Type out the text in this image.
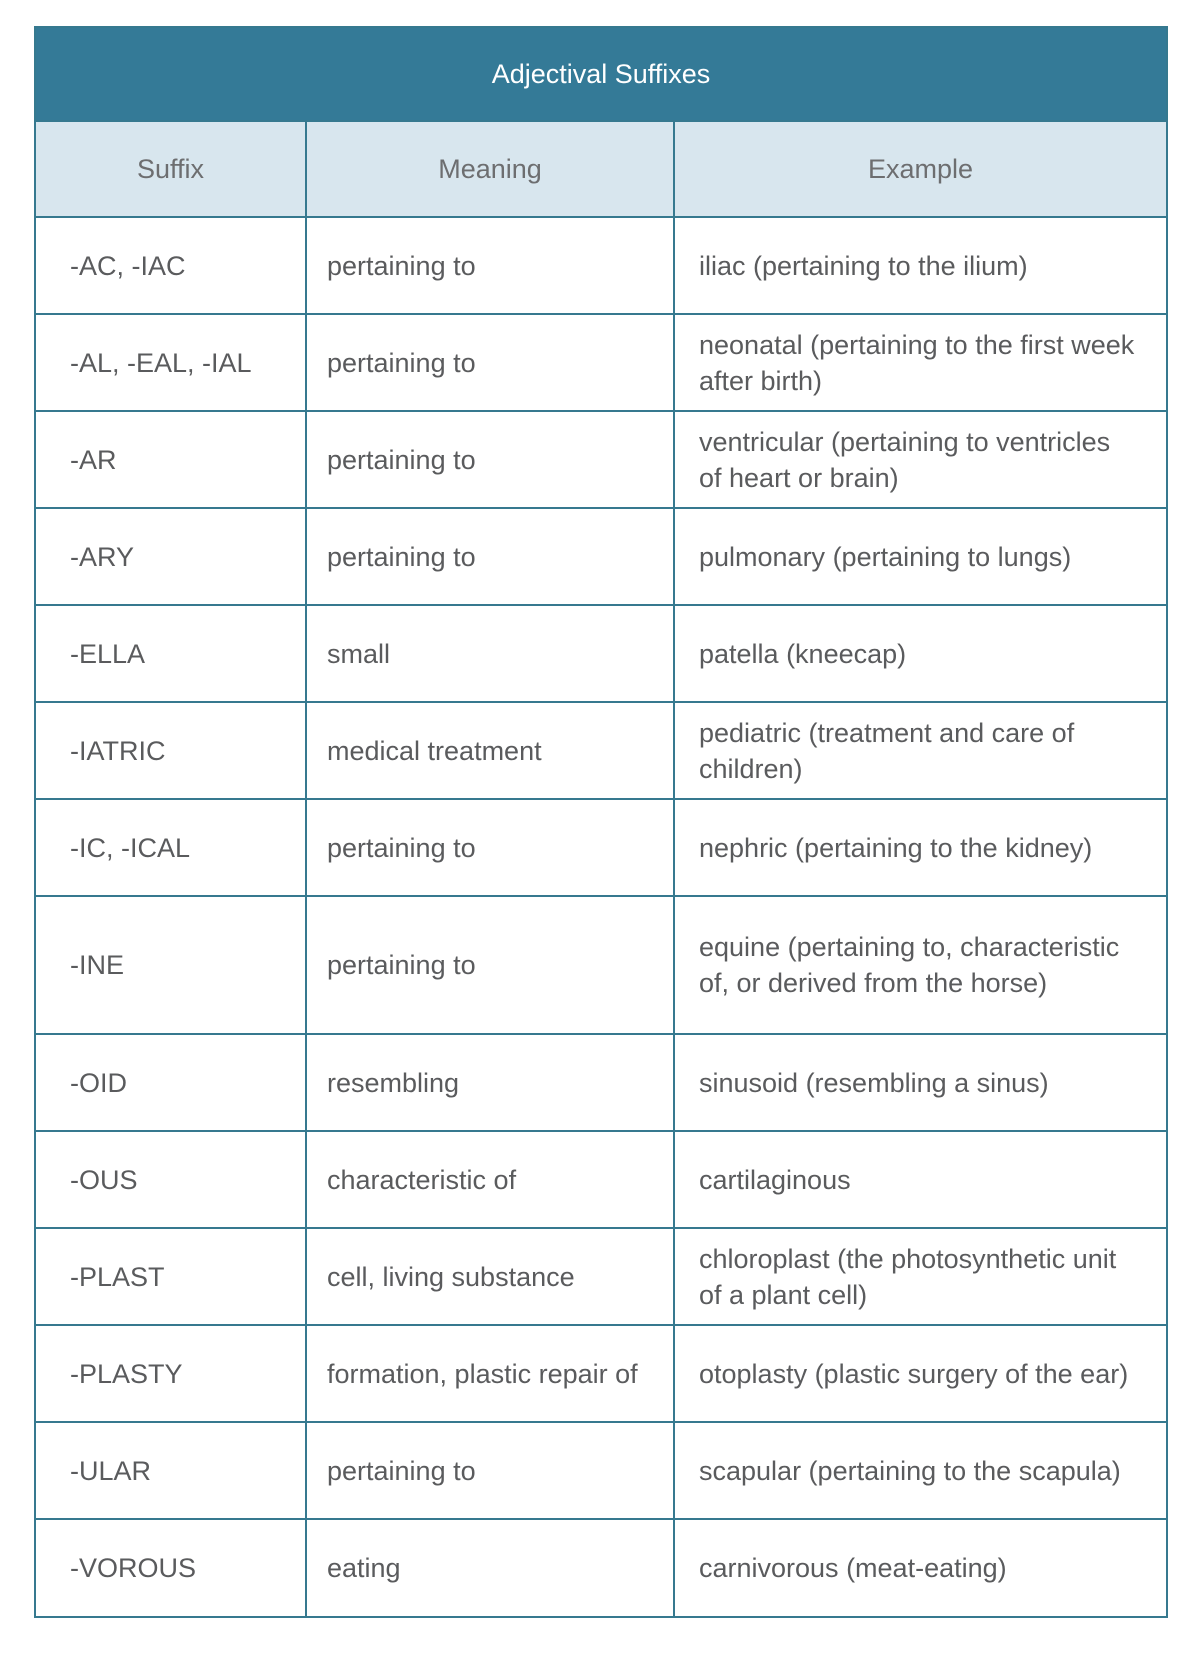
Adjectival Suffixes		
Suffix	Meaning	Example
-AC, -IAC	pertaining to	iliac (pertaining to the ilium)
-AL, -EAL, -IAL	pertaining to	neonatal (pertaining to the first week after birth)
-AR	pertaining to	ventricular (pertaining to ventricles of heart or brain)
-ARY	pertaining to	pulmonary (pertaining to lungs)
-ELLA	small	patella (kneecap)
-IATRIC	medical treatment	pediatric (treatment and care of children)
-IC, -ICAL	pertaining to	nephric (pertaining to the kidney)
-INE	pertaining to	equine (pertaining to, characteristic of, or derived from the horse)
-OID	resembling	sinusoid (resembling a sinus)
-OUS	characteristic of	cartilaginous
-PLAST	cell, living substance	chloroplast (the photosynthetic unit of a plant cell)
-PLASTY	formation, plastic repair of	otoplasty (plastic surgery of the ear)
-ULAR	pertaining to	scapular (pertaining to the scapula)
-VOROUS	eating	carnivorous (meat-eating)
